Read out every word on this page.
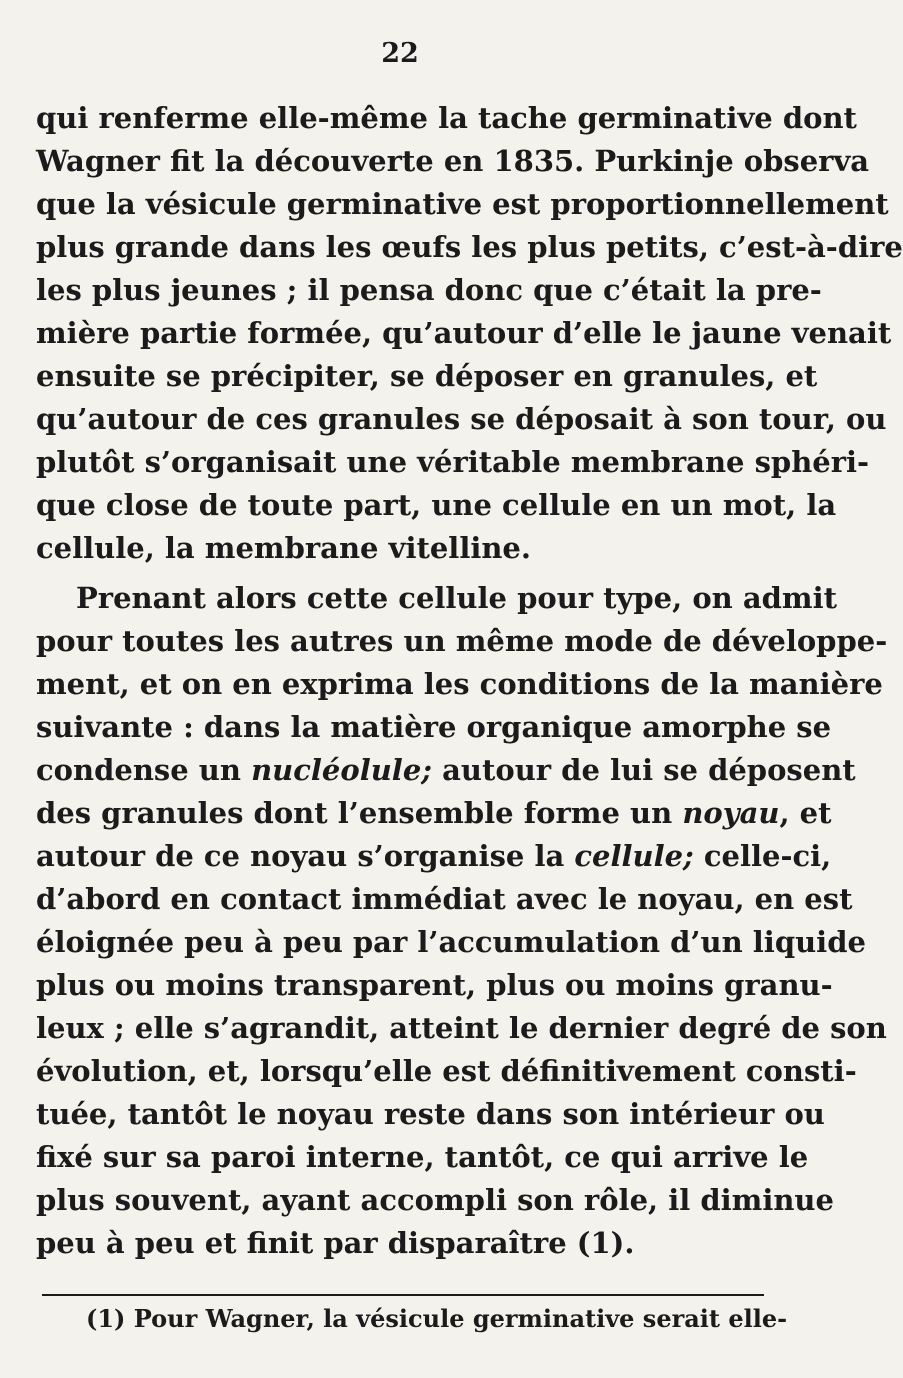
22
qui renferme elle-même la tache germinative dont
Wagner fit la découverte en 1835. Purkinje observa
que la vésicule germinative est proportionnellement
plus grande dans les œufs les plus petits, c’est-à-dire
les plus jeunes ; il pensa donc que c’était la pre-
mière partie formée, qu’autour d’elle le jaune venait
ensuite se précipiter, se déposer en granules, et
qu’autour de ces granules se déposait à son tour, ou
plutôt s’organisait une véritable membrane sphéri-
que close de toute part, une cellule en un mot, la
cellule, la membrane vitelline.
Prenant alors cette cellule pour type, on admit
pour toutes les autres un même mode de développe-
ment, et on en exprima les conditions de la manière
suivante : dans la matière organique amorphe se
condense un nucléolule; autour de lui se déposent
des granules dont l’ensemble forme un noyau, et
autour de ce noyau s’organise la cellule; celle-ci,
d’abord en contact immédiat avec le noyau, en est
éloignée peu à peu par l’accumulation d’un liquide
plus ou moins transparent, plus ou moins granu-
leux ; elle s’agrandit, atteint le dernier degré de son
évolution, et, lorsqu’elle est définitivement consti-
tuée, tantôt le noyau reste dans son intérieur ou
fixé sur sa paroi interne, tantôt, ce qui arrive le
plus souvent, ayant accompli son rôle, il diminue
peu à peu et finit par disparaître (1).
(1) Pour Wagner, la vésicule germinative serait elle-
